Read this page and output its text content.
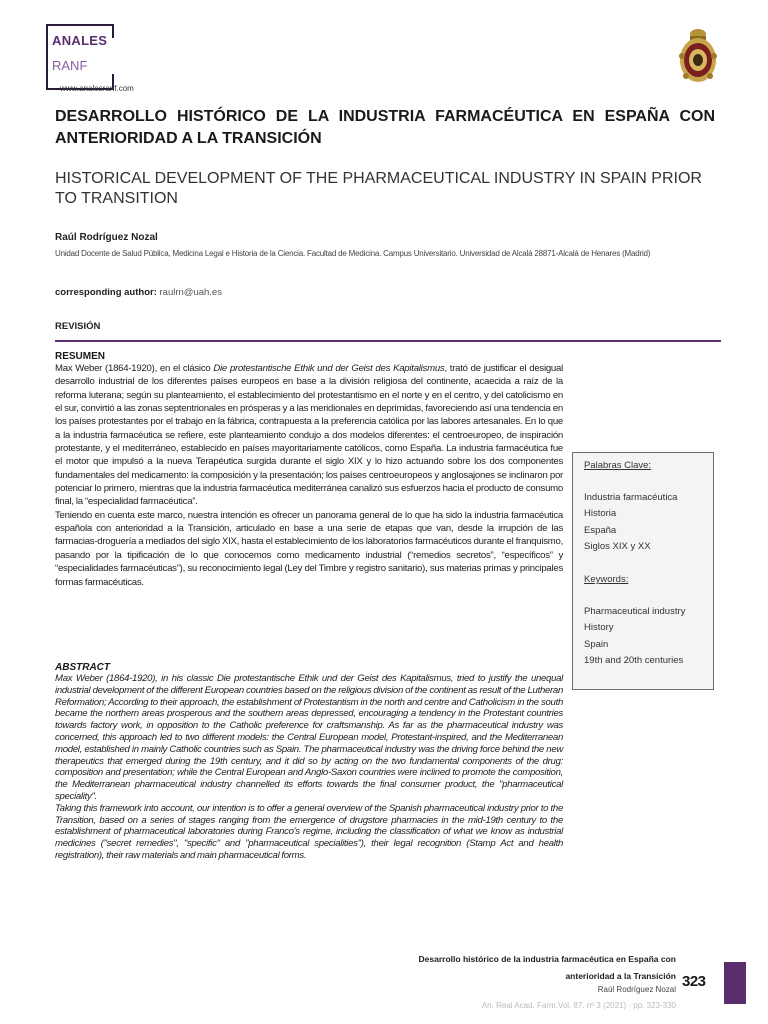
ANALES
RANF
www.analesranf.com
DESARROLLO HISTÓRICO DE LA INDUSTRIA FARMACÉUTICA EN ESPAÑA CON ANTERIORIDAD A LA TRANSICIÓN
HISTORICAL DEVELOPMENT OF THE PHARMACEUTICAL INDUSTRY IN SPAIN PRIOR TO TRANSITION
Raúl Rodríguez Nozal
Unidad Docente de Salud Pública, Medicina Legal e Historia de la Ciencia. Facultad de Medicina. Campus Universitario. Universidad de Alcalá 28871-Alcalá de Henares (Madrid)
corresponding author: raulrn@uah.es
REVISIÓN
RESUMEN

Max Weber (1864-1920), en el clásico Die protestantische Ethik und der Geist des Kapitalismus, trató de justificar el desigual desarrollo industrial de los diferentes países europeos en base a la división religiosa del continente, acaecida a raíz de la reforma luterana; según su planteamiento, el establecimiento del protestantismo en el norte y en el centro, y del catolicismo en el sur, convirtió a las zonas septentrionales en prósperas y a las meridionales en deprimidas, favoreciendo así una tendencia en los países protestantes por el trabajo en la fábrica, contrapuesta a la preferencia católica por las labores artesanales. En lo que a la industria farmacéutica se refiere, este planteamiento condujo a dos modelos diferentes: el centroeuropeo, de inspiración protestante, y el mediterráneo, establecido en países mayoritariamente católicos, como España. La industria farmacéutica fue el motor que impulsó a la nueva Terapéutica surgida durante el siglo XIX y lo hizo actuando sobre los dos componentes fundamentales del medicamento: la composición y la presentación; los países centroeuropeos y anglosajones se inclinaron por potenciar lo primero, mientras que la industria farmacéutica mediterránea canalizó sus esfuerzos hacia el producto de consumo final, la “especialidad farmacéutica”.

Teniendo en cuenta este marco, nuestra intención es ofrecer un panorama general de lo que ha sido la industria farmacéutica española con anterioridad a la Transición, articulado en base a una serie de etapas que van, desde la irrupción de las farmacias-droguería a mediados del siglo XIX, hasta el establecimiento de los laboratorios farmacéuticos durante el franquismo, pasando por la tipificación de lo que conocemos como medicamento industrial (“remedios secretos”, “específicos” y “especialidades farmacéuticas”), su reconocimiento legal (Ley del Timbre y registro sanitario), sus materias primas y principales formas farmacéuticas.

ABSTRACT

Max Weber (1864-1920), in his classic Die protestantische Ethik und der Geist des Kapitalismus, tried to justify the unequal industrial development of the different European countries based on the religious division of the continent as result of the Lutheran Reformation; According to their approach, the establishment of Protestantism in the north and centre and Catholicism in the south became the northern areas prosperous and the southern areas depressed, encouraging a tendency in the Protestant countries towards factory work, in opposition to the Catholic preference for craftsmanship. As far as the pharmaceutical industry was concerned, this approach led to two different models: the Central European model, Protestant-inspired, and the Mediterranean model, established in mainly Catholic countries such as Spain. The pharmaceutical industry was the driving force behind the new therapeutics that emerged during the 19th century, and it did so by acting on the two fundamental components of the drug: composition and presentation; while the Central European and Anglo-Saxon countries were inclined to promote the composition, the Mediterranean pharmaceutical industry channelled its efforts towards the final consumer product, the "pharmaceutical speciality".

Taking this framework into account, our intention is to offer a general overview of the Spanish pharmaceutical industry prior to the Transition, based on a series of stages ranging from the emergence of drugstore pharmacies in the mid-19th century to the establishment of pharmaceutical laboratories during Franco's regime, including the classification of what we know as industrial medicines ("secret remedies", "specific" and "pharmaceutical specialities"), their legal recognition (Stamp Act and health registration), their raw materials and main pharmaceutical forms.

Palabras Clave:
Industria farmacéutica
Historia
España
Siglos XIX y XX
Keywords:
Pharmaceutical industry
History
Spain
19th and 20th centuries
Desarrollo histórico de la industria farmacéutica en España con
anterioridad a la Transición
Raúl Rodríguez Nozal
An. Real Acad. Farm.Vol. 87. nº 3 (2021) · pp. 323-330
323
